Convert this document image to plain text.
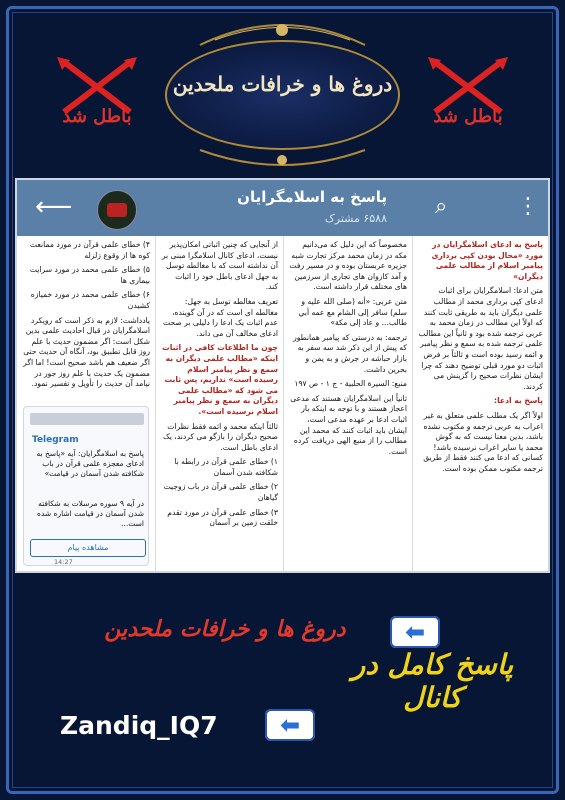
دروغ ها و خرافات ملحدین
باطل شد	باطل شد
⟵	پاسخ به اسلامگرایان
۶۵۸۸ مشترک ⌕	⋮

پاسخ به ادعای اسلامگرایان در مورد «محال بودن کپی برداری پیامبر اسلام از مطالب علمی دیگران»

متن ادعا: اسلامگرایان برای اثبات ادعای کپی برداری محمد از مطالب علمی دیگران باید به طریقی ثابت کنند که اولاً این مطالب در زمان محمد به عربی ترجمه شده بود و ثانیاً این مطالب علمی ترجمه شده به سمع و نظر پیامبر و ائمه رسید بوده است و ثالثاً بر فرض اثبات دو مورد قبلی توضیح دهند که چرا ایشان نظرات صحیح را گزینش می کردند.

پاسخ به ادعا:

اولاً اگر یک مطلب علمی متعلق به غیر اعراب به عربی ترجمه و مکتوب نشده باشد، بدین معنا نیست که به گوش محمد یا سایر اعراب نرسیده باشد! کسانی که ادعا می کنند فقط از طریق ترجمه مکتوب ممکن بوده است.

مخصوصاً که این دلیل که می‌دانیم مکه در زمان محمد مرکز تجارت شبه جزیره عربستان بوده و در مسیر رفت و آمد کاروان های تجاری از سرزمین های مختلف قرار داشته است.

متن عربی: «أنه (صلى الله عليه و سلم) سافر إلى الشام مع عمه أبي طالب... و عاد إلى مكة»

ترجمه: به درستی که پیامبر همانطور که پیش از این ذکر شد سه سفر به بازار حباشه در جرش و به یمن و بحرین داشت.

منبع: السيرة الحلبية - ج ١ - ص ١٩٧

ثانیاً این اسلامگرایان هستند که مدعی اعجاز هستند و با توجه به اینکه بار اثبات ادعا بر عهده مدعی است، ایشان باید اثبات کنند که محمد این مطالب را از منبع الهی دریافت کرده است.

از آنجایی که چنین اثباتی امکان‌پذیر نیست، ادعای کانال اسلامگرا مبنی بر آن نداشته است که با مغالطه توسل به جهل ادعای باطل خود را اثبات کند.

تعریف مغالطه توسل به جهل: مغالطه ای است که در آن گوینده، عدم اثبات یک ادعا را دلیلی بر صحت ادعای مخالف آن می داند.

چون ما اطلاعات کافی در اثبات اینکه «مطالب علمی دیگران به سمع و نظر پیامبر اسلام رسیده است» نداریم، پس ثابت می شود که «مطالب علمی دیگران به سمع و نظر پیامبر اسلام نرسیده است».

ثالثاً اینکه محمد و ائمه فقط نظرات صحیح دیگران را بازگو می کردند، یک ادعای باطل است.

۱) خطای علمی قرآن در رابطه با شکافته شدن آسمان

۲) خطای علمی قرآن در باب زوجیت گیاهان

۳) خطای علمی قرآن در مورد تقدم خلقت زمین بر آسمان

۴) خطای علمی قرآن در مورد ممانعت کوه ها از وقوع زلزله

۵) خطای علمی محمد در مورد سرایت بیماری ها

۶) خطای علمی محمد در مورد خمیازه کشیدن

یادداشت: لازم به ذکر است که رویکرد اسلامگرایان در قبال احادیث علمی بدین شکل است: اگر مضمون حدیث با علم روز قابل تطبیق بود، آنگاه آن حدیث حتی اگر ضعیف هم باشد صحیح است! اما اگر مضمون یک حدیث با علم روز جور در نیامد آن حدیث را تأویل و تفسیر نمود.

Telegram
پاسخ به اسلامگرایان: آیه «پاسخ به ادعای معجزه علمی قرآن در باب شکافته شدن آسمان در قیامت»
در آیه ۹ سوره مرسلات به شکافته شدن آسمان در قیامت اشاره شده است...
مشاهده پیام
14:27
دروغ ها و خرافات ملحدین	⬅
پاسخ کامل در کانال
Zandiq_IQ7	⬅
